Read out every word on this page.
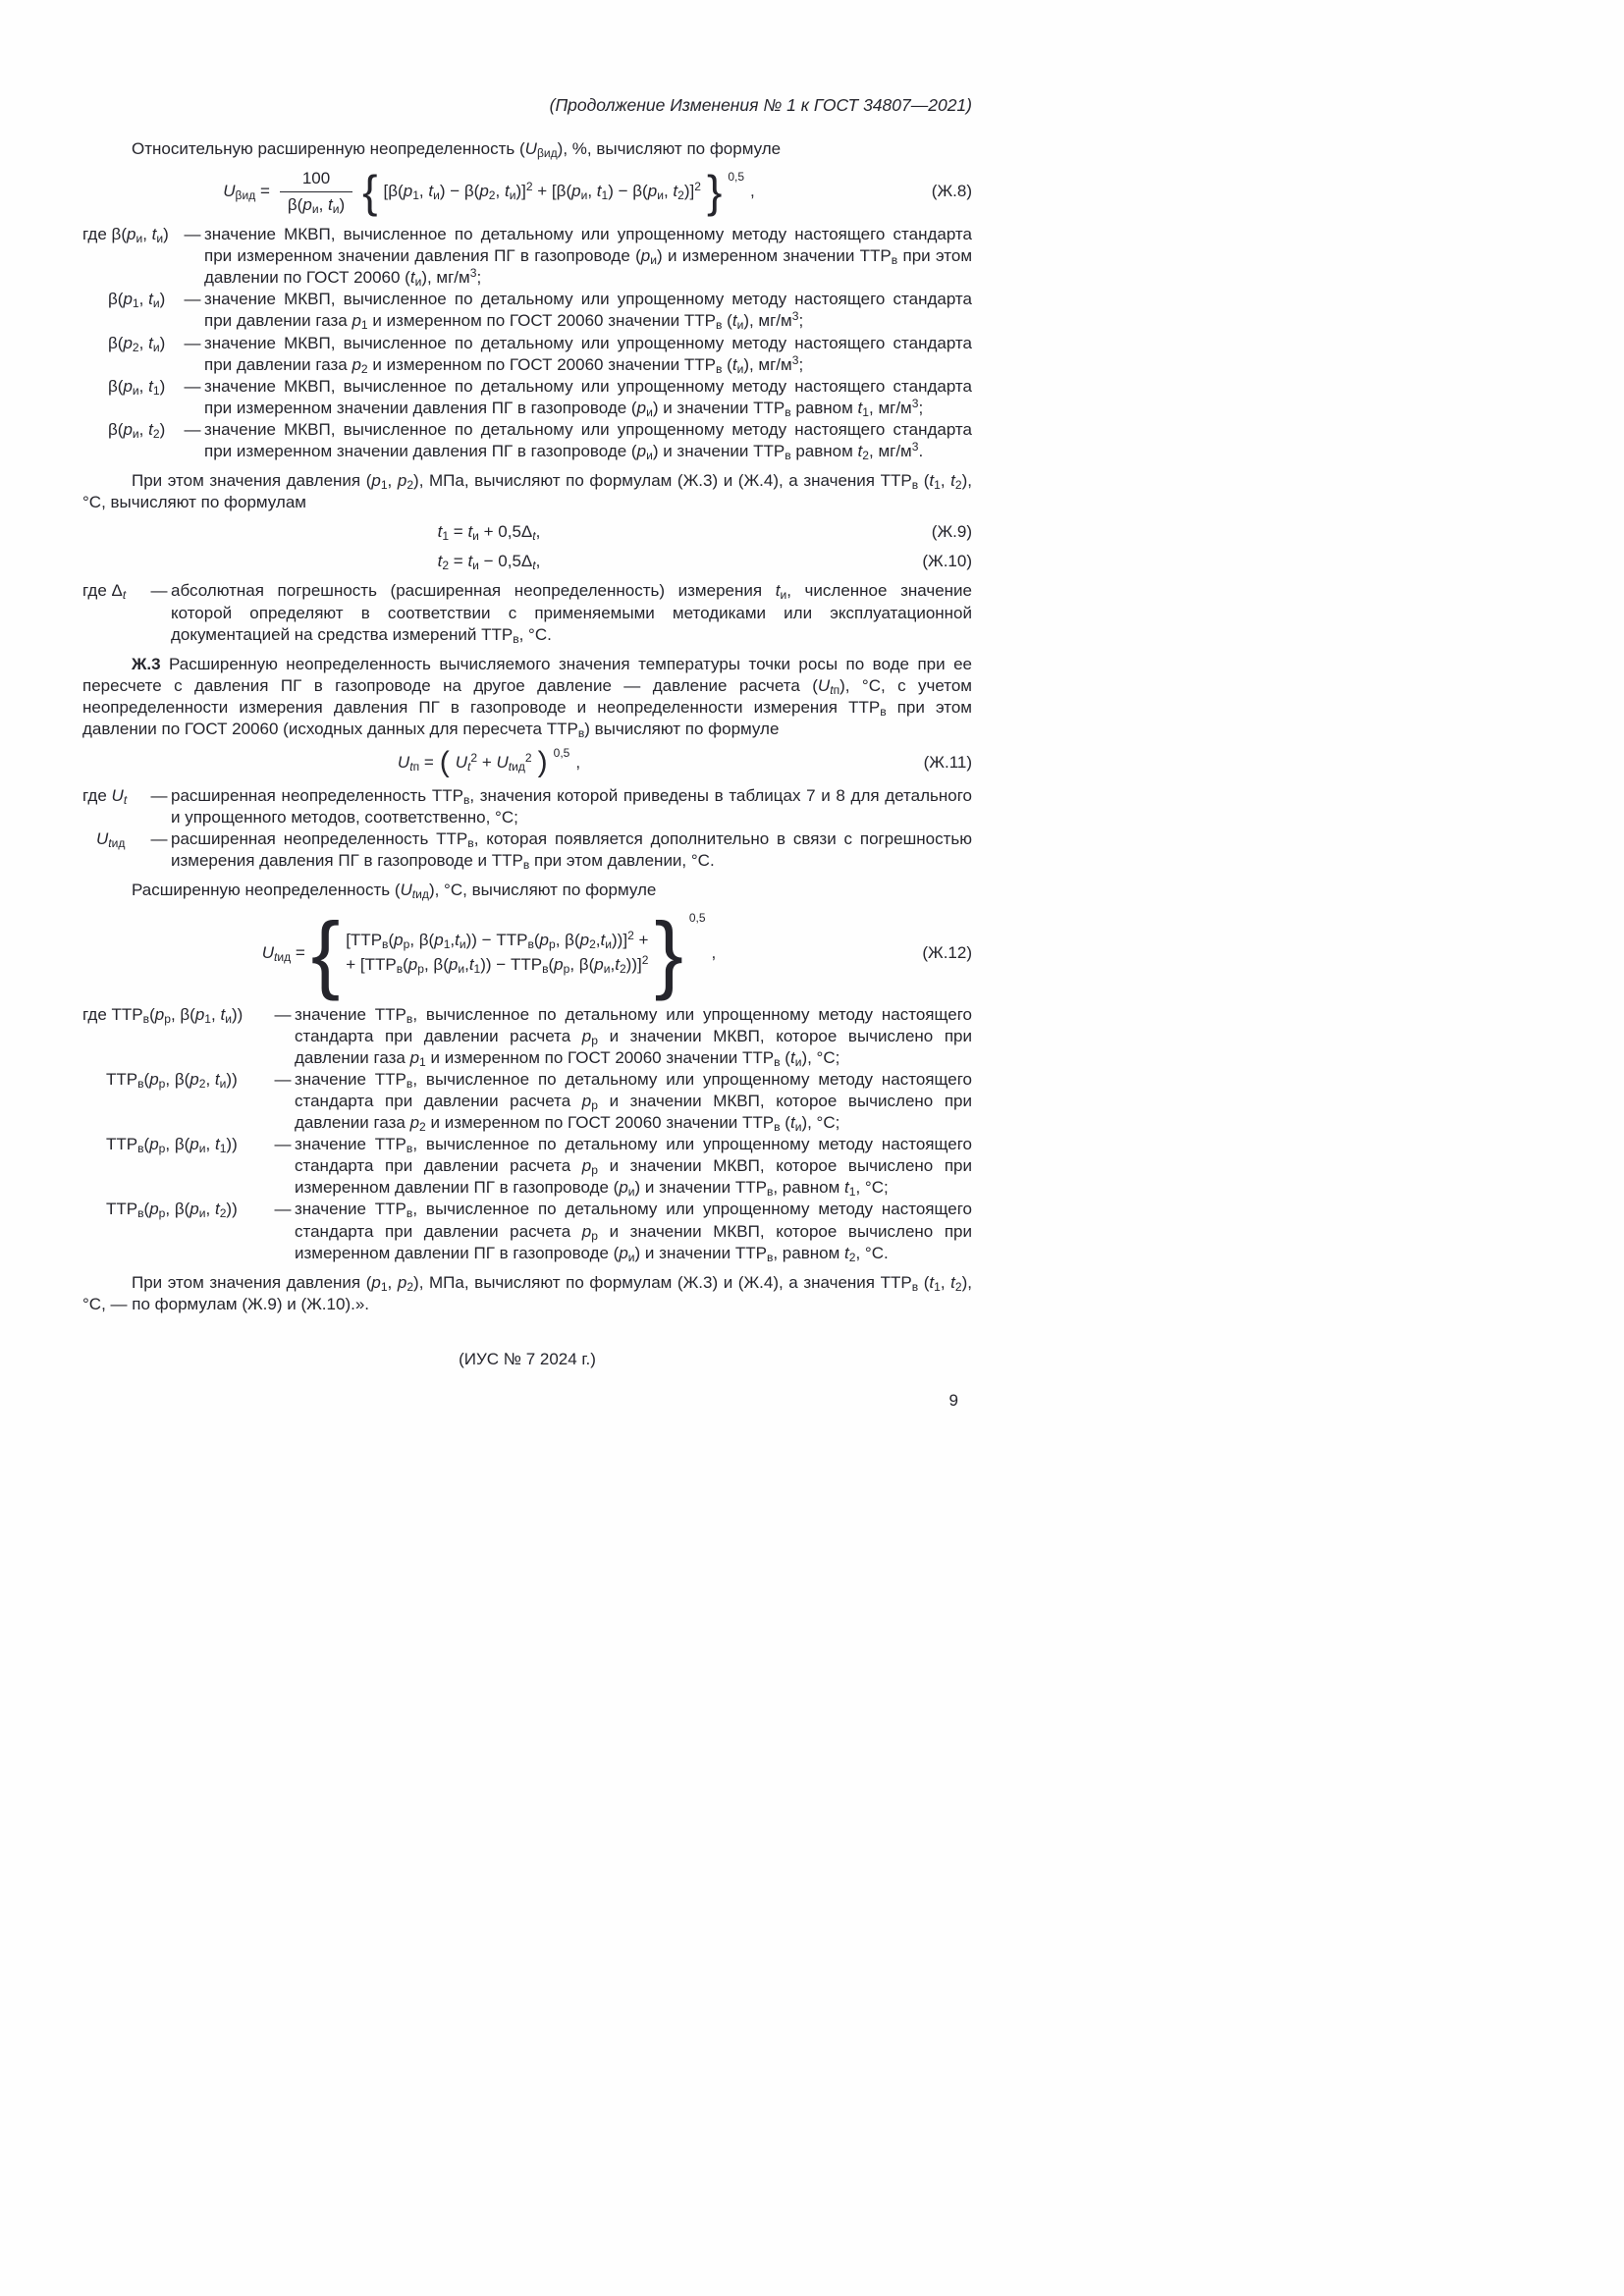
(Продолжение Изменения № 1 к ГОСТ 34807—2021)

Относительную расширенную неопределенность $(U_{\beta ид})$, %, вычисляют по формуле

$U_{\beta ид} = \frac{100}{\beta(p_и, t_и)}$ { [$\beta(p_1$, $t_и) - \beta(p_2$, $t_и)]^2 + [\beta(p_и$, $t_1) - \beta(p_и$, $t_2)]^2$ } $^{0,5}$
,	(Ж.8)
где $\beta(p_и$, $t_и$) — значение МКВП, вычисленное по детальному или упрощенному методу настоящего стандарта при измеренном значении давления ПГ в газопроводе $(p_и)$ и измеренном значении $ТТР_в$ при этом давлении по ГОСТ 20060 $(t_и)$, $мг/м^3$;
$\beta(p_1$, $t_и$)	— значение МКВП, вычисленное по детальному или упрощенному методу настоящего стандарта при давлении газа $p_1$ и измеренном по ГОСТ 20060 значении $ТТР_в$ $(t_и)$, $мг/м^3$;
$\beta(p_2$, $t_и$)	— значение МКВП, вычисленное по детальному или упрощенному методу настоящего стандарта при давлении газа $p_2$ и измеренном по ГОСТ 20060 значении $ТТР_в$ $(t_и)$, $мг/м^3$;
$\beta(p_и$, $t_1$)	— значение МКВП, вычисленное по детальному или упрощенному методу настоящего стандарта при измеренном значении давления ПГ в газопроводе $(p_и)$ и значении $ТТР_в$ равном $t_1$, $мг/м^3$;
$\beta(p_и$, $t_2$)	— значение МКВП, вычисленное по детальному или упрощенному методу настоящего стандарта при измеренном значении давления ПГ в газопроводе $(p_и)$ и значении $ТТР_в$ равном $t_2$, $мг/м^3$.

При этом значения давления ($p_1$, $p_2$), МПа, вычисляют по формулам (Ж.3) и (Ж.4), а значения $ТТР_в$ ($t_1$, $t_2$), °С, вычисляют по формулам

$t_1 = t_и + 0,5\Delta_t$,	(Ж.9)
$t_2 = t_и - 0,5\Delta_t$,	(Ж.10)
где $\Delta_t$	— абсолютная погрешность (расширенная неопределенность) измерения $t_и$, численное значение которой определяют в соответствии с применяемыми методиками или эксплуатационной документацией на средства измерений $ТТР_в$, °С.

Ж.3 Расширенную неопределенность вычисляемого значения температуры точки росы по воде при ее пересчете с давления ПГ в газопроводе на другое давление — давление расчета $(U_{tп})$, °С, с учетом неопределенности измерения давления ПГ в газопроводе и неопределенности измерения $ТТР_в$ при этом давлении по ГОСТ 20060 (исходных данных для пересчета $ТТР_в$) вычисляют по формуле

$U_{tп}$ = ( $U_t^2 + U_{tид}^2$ ) $^{0,5}$ ,	(Ж.11)
где $U_t$	— расширенная неопределенность $ТТР_в$, значения которой приведены в таблицах 7 и 8 для детального и упрощенного методов, соответственно, °С;
$U_{tид}$	— расширенная неопределенность $ТТР_в$, которая появляется дополнительно в связи с погрешностью измерения давления ПГ в газопроводе и $ТТР_в$ при этом давлении, °С.

Расширенную неопределенность $(U_{tид})$, °С, вычисляют по формуле

$U_{tид}$ = { [$ТТР_в(p_р$, $\beta(p_1,t_и)) - ТТР_в(p_р$, $\beta(p_2,t_и))]^2$ +
+ [$ТТР_в(p_р$, $\beta(p_и,t_1)) - ТТР_в(p_р$, $\beta(p_и,t_2))]^2$ } $^{0,5}$
,	(Ж.12)
где $ТТР_в(p_р$, $\beta(p_1$, $t_и$))	— значение $ТТР_в$, вычисленное по детальному или упрощенному методу настоящего стандарта при давлении расчета $p_р$ и значении МКВП, которое вычислено при давлении газа $p_1$ и измеренном по ГОСТ 20060 значении $ТТР_в$ $(t_и)$, °С;
$ТТР_в(p_р$, $\beta(p_2$, $t_и$))	— значение $ТТР_в$, вычисленное по детальному или упрощенному методу настоящего стандарта при давлении расчета $p_р$ и значении МКВП, которое вычислено при давлении газа $p_2$ и измеренном по ГОСТ 20060 значении $ТТР_в$ $(t_и)$, °С;
$ТТР_в(p_р$, $\beta(p_и$, $t_1$))	— значение $ТТР_в$, вычисленное по детальному или упрощенному методу настоящего стандарта при давлении расчета $p_р$ и значении МКВП, которое вычислено при измеренном давлении ПГ в газопроводе $(p_и)$ и значении $ТТР_в$, равном $t_1$, °С;
$ТТР_в(p_р$, $\beta(p_и$, $t_2$))	— значение $ТТР_в$, вычисленное по детальному или упрощенному методу настоящего стандарта при давлении расчета $p_р$ и значении МКВП, которое вычислено при измеренном давлении ПГ в газопроводе $(p_и)$ и значении $ТТР_в$, равном $t_2$, °С.

При этом значения давления ($p_1$, $p_2$), МПа, вычисляют по формулам (Ж.3) и (Ж.4), а значения $ТТР_в$ ($t_1$, $t_2$), °С, — по формулам (Ж.9) и (Ж.10).».

(ИУС № 7 2024 г.)
9
